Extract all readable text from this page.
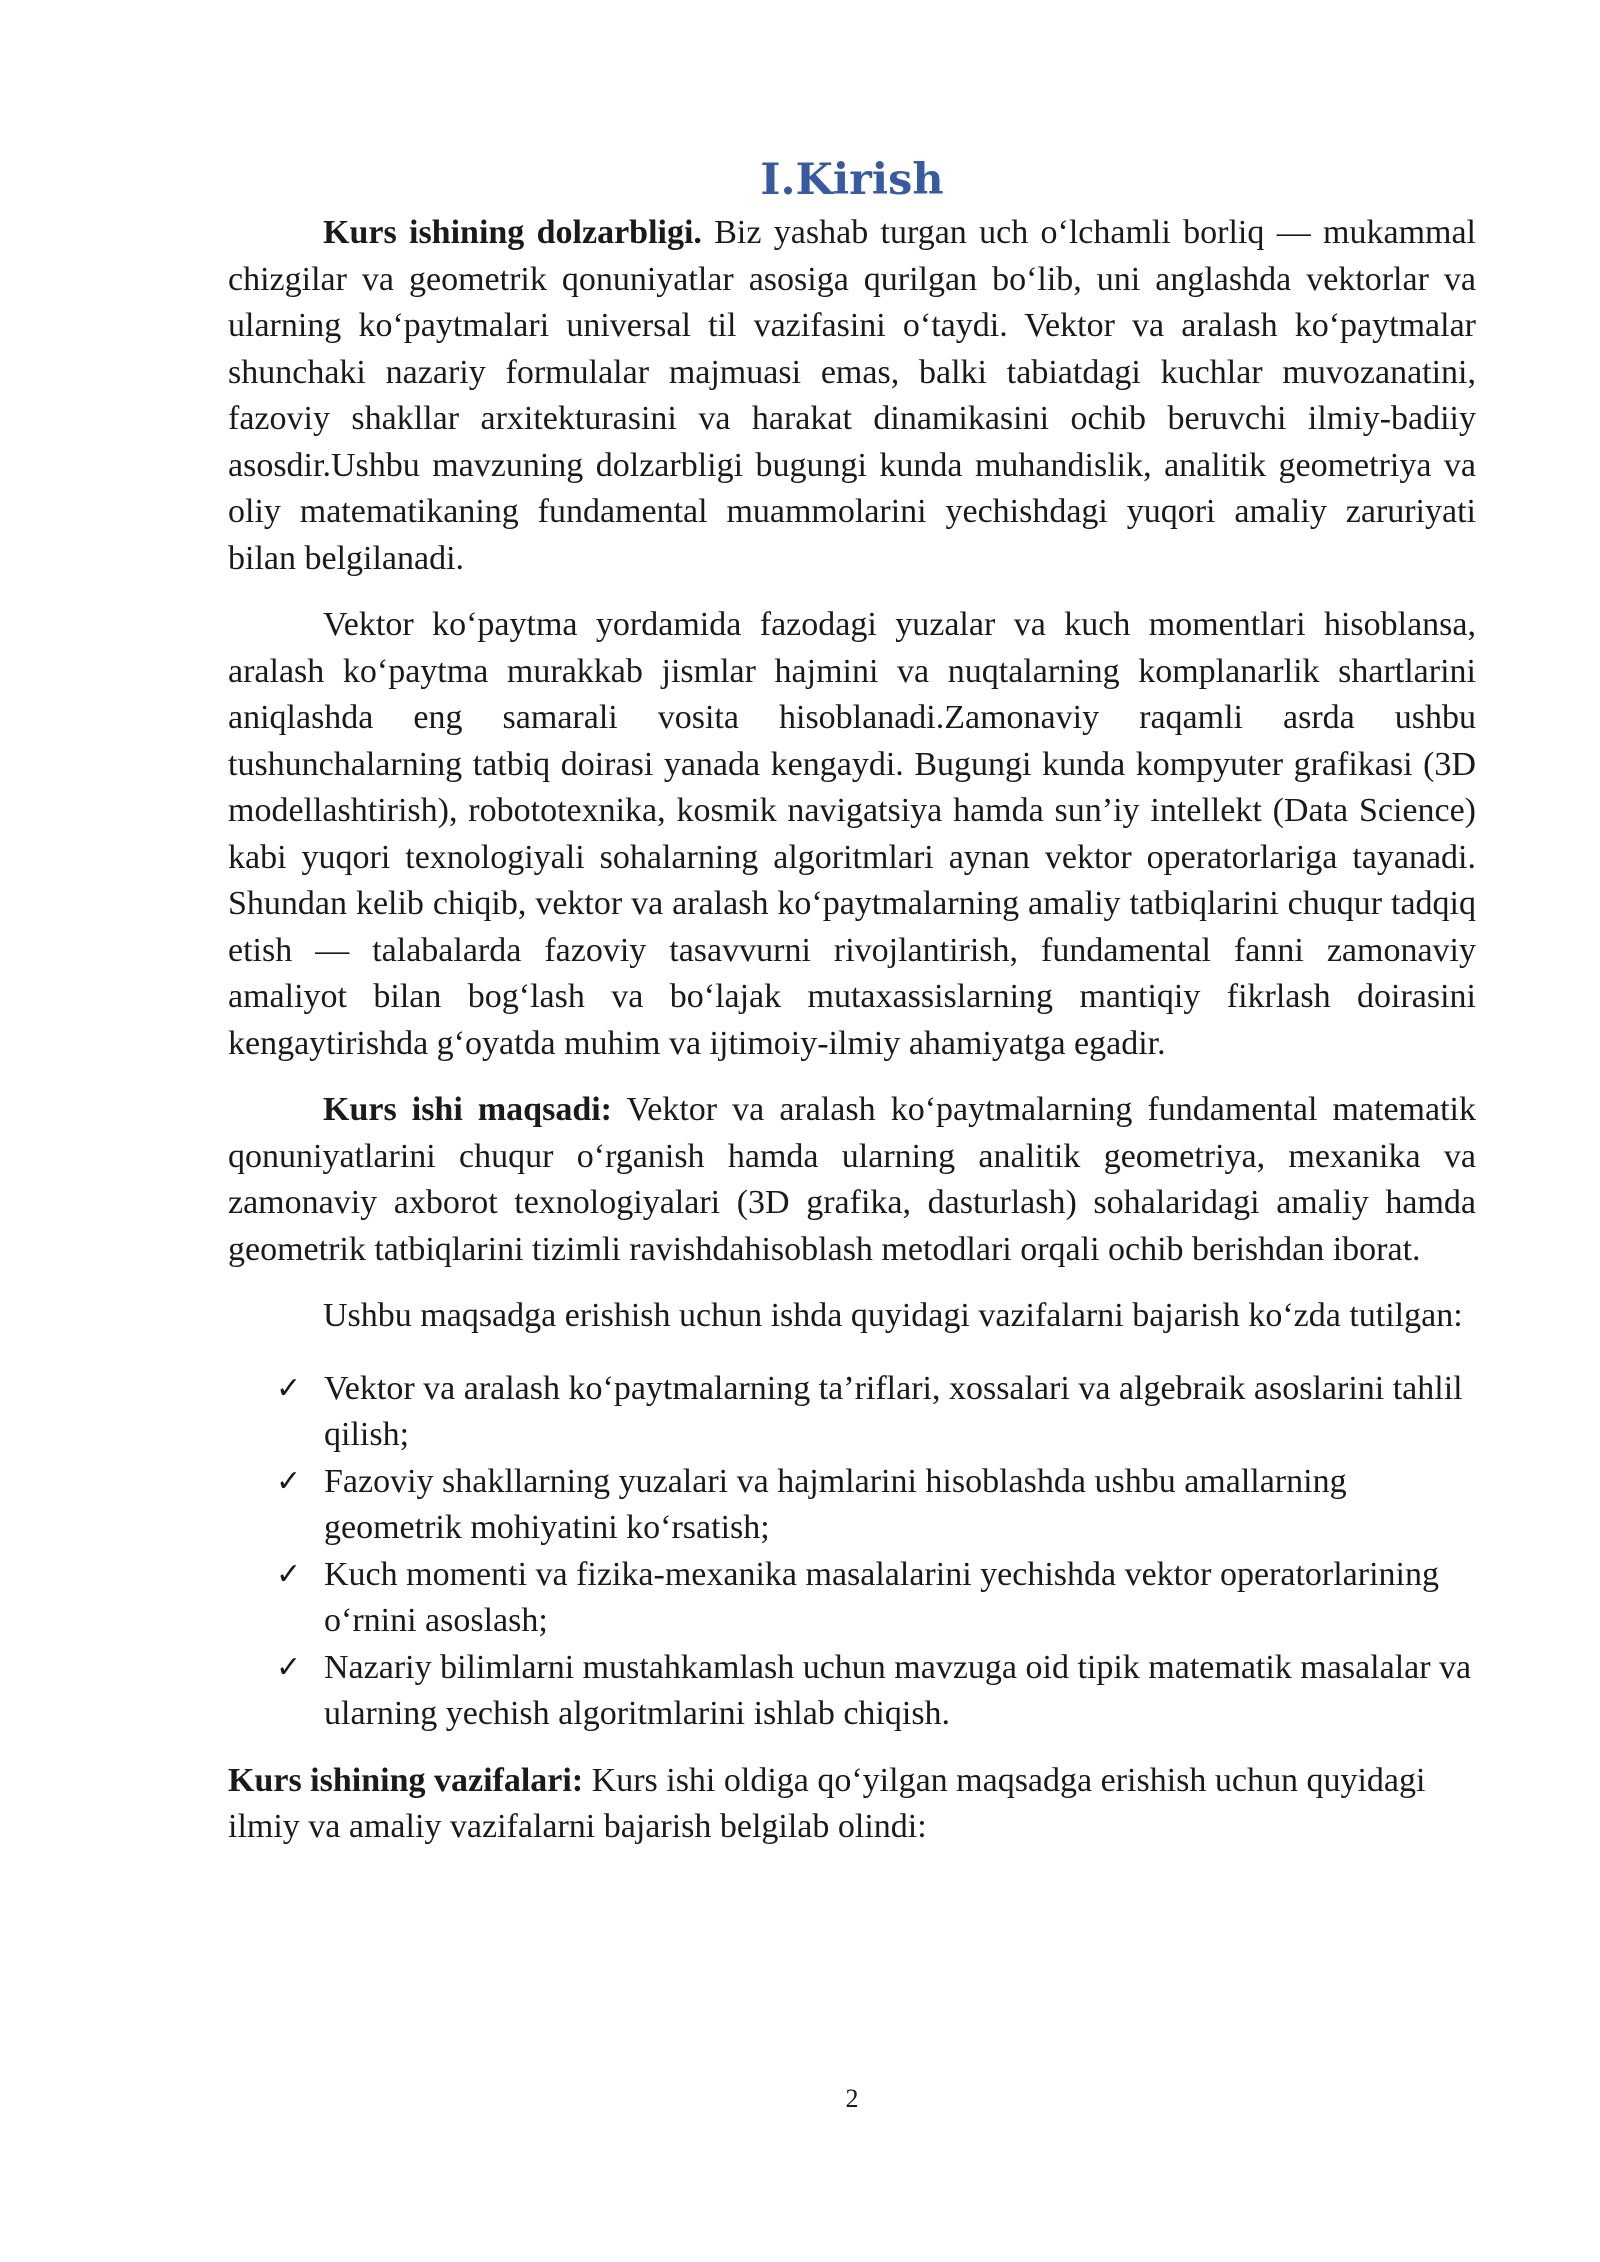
I.Kirish

Kurs ishining dolzarbligi. Biz yashab turgan uch o‘lchamli borliq — mukammal chizgilar va geometrik qonuniyatlar asosiga qurilgan bo‘lib, uni anglashda vektorlar va ularning ko‘paytmalari universal til vazifasini o‘taydi. Vektor va aralash ko‘paytmalar shunchaki nazariy formulalar majmuasi emas, balki tabiatdagi kuchlar muvozanatini, fazoviy shakllar arxitekturasini va harakat dinamikasini ochib beruvchi ilmiy-badiiy asosdir.Ushbu mavzuning dolzarbligi bugungi kunda muhandislik, analitik geometriya va oliy matematikaning fundamental muammolarini yechishdagi yuqori amaliy zaruriyati bilan belgilanadi.

Vektor ko‘paytma yordamida fazodagi yuzalar va kuch momentlari hisoblansa, aralash ko‘paytma murakkab jismlar hajmini va nuqtalarning komplanarlik shartlarini aniqlashda eng samarali vosita hisoblanadi.Zamonaviy raqamli asrda ushbu tushunchalarning tatbiq doirasi yanada kengaydi. Bugungi kunda kompyuter grafikasi (3D modellashtirish), robototexnika, kosmik navigatsiya hamda sun’iy intellekt (Data Science) kabi yuqori texnologiyali sohalarning algoritmlari aynan vektor operatorlariga tayanadi. Shundan kelib chiqib, vektor va aralash ko‘paytmalarning amaliy tatbiqlarini chuqur tadqiq etish — talabalarda fazoviy tasavvurni rivojlantirish, fundamental fanni zamonaviy amaliyot bilan bog‘lash va bo‘lajak mutaxassislarning mantiqiy fikrlash doirasini kengaytirishda g‘oyatda muhim va ijtimoiy-ilmiy ahamiyatga egadir.

Kurs ishi maqsadi: Vektor va aralash ko‘paytmalarning fundamental matematik qonuniyatlarini chuqur o‘rganish hamda ularning analitik geometriya, mexanika va zamonaviy axborot texnologiyalari (3D grafika, dasturlash) sohalaridagi amaliy hamda geometrik tatbiqlarini tizimli ravishdahisoblash metodlari orqali ochib berishdan iborat.

Ushbu maqsadga erishish uchun ishda quyidagi vazifalarni bajarish ko‘zda tutilgan:

✓ Vektor va aralash ko‘paytmalarning ta’riflari, xossalari va algebraik asoslarini tahlil qilish;
✓ Fazoviy shakllarning yuzalari va hajmlarini hisoblashda ushbu amallarning geometrik mohiyatini ko‘rsatish;
✓ Kuch momenti va fizika-mexanika masalalarini yechishda vektor operatorlarining o‘rnini asoslash;
✓ Nazariy bilimlarni mustahkamlash uchun mavzuga oid tipik matematik masalalar va ularning yechish algoritmlarini ishlab chiqish.

Kurs ishining vazifalari: Kurs ishi oldiga qo‘yilgan maqsadga erishish uchun quyidagi ilmiy va amaliy vazifalarni bajarish belgilab olindi:

2
